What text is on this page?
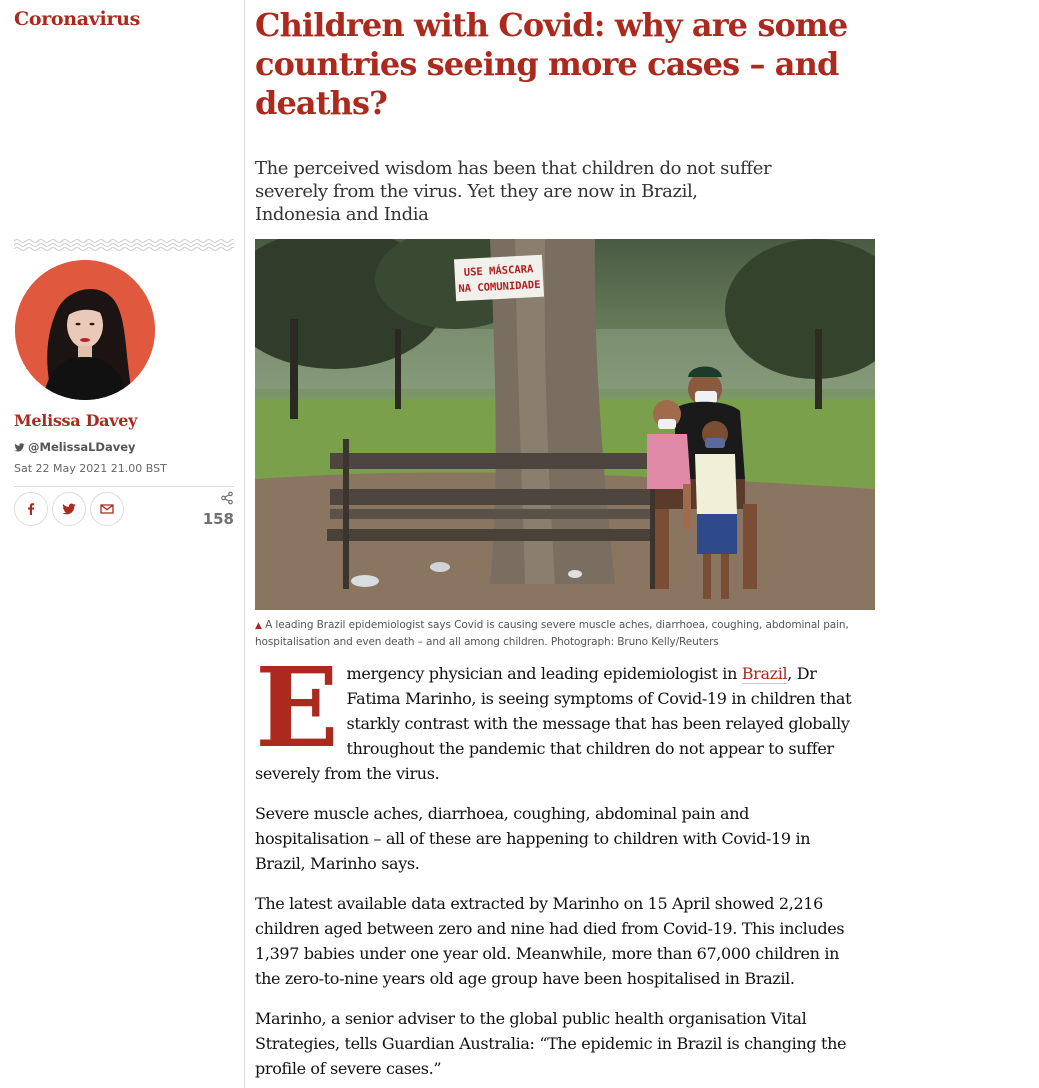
Coronavirus
Melissa Davey
@MelissaLDavey
Sat 22 May 2021 21.00 BST
158
Children with Covid: why are some countries seeing more cases – and deaths?
The perceived wisdom has been that children do not suffer severely from the virus. Yet they are now in Brazil, Indonesia and India
USE MÁSCARA
NA COMUNIDADE
▲ A leading Brazil epidemiologist says Covid is causing severe muscle aches, diarrhoea, coughing, abdominal pain, hospitalisation and even death – and all among children. Photograph: Bruno Kelly/Reuters

Emergency physician and leading epidemiologist in Brazil, Dr Fatima Marinho, is seeing symptoms of Covid-19 in children that starkly contrast with the message that has been relayed globally throughout the pandemic that children do not appear to suffer severely from the virus.

Severe muscle aches, diarrhoea, coughing, abdominal pain and hospitalisation – all of these are happening to children with Covid-19 in Brazil, Marinho says.

The latest available data extracted by Marinho on 15 April showed 2,216 children aged between zero and nine had died from Covid-19. This includes 1,397 babies under one year old. Meanwhile, more than 67,000 children in the zero-to-nine years old age group have been hospitalised in Brazil.

Marinho, a senior adviser to the global public health organisation Vital Strategies, tells Guardian Australia: “The epidemic in Brazil is changing the profile of severe cases.”
